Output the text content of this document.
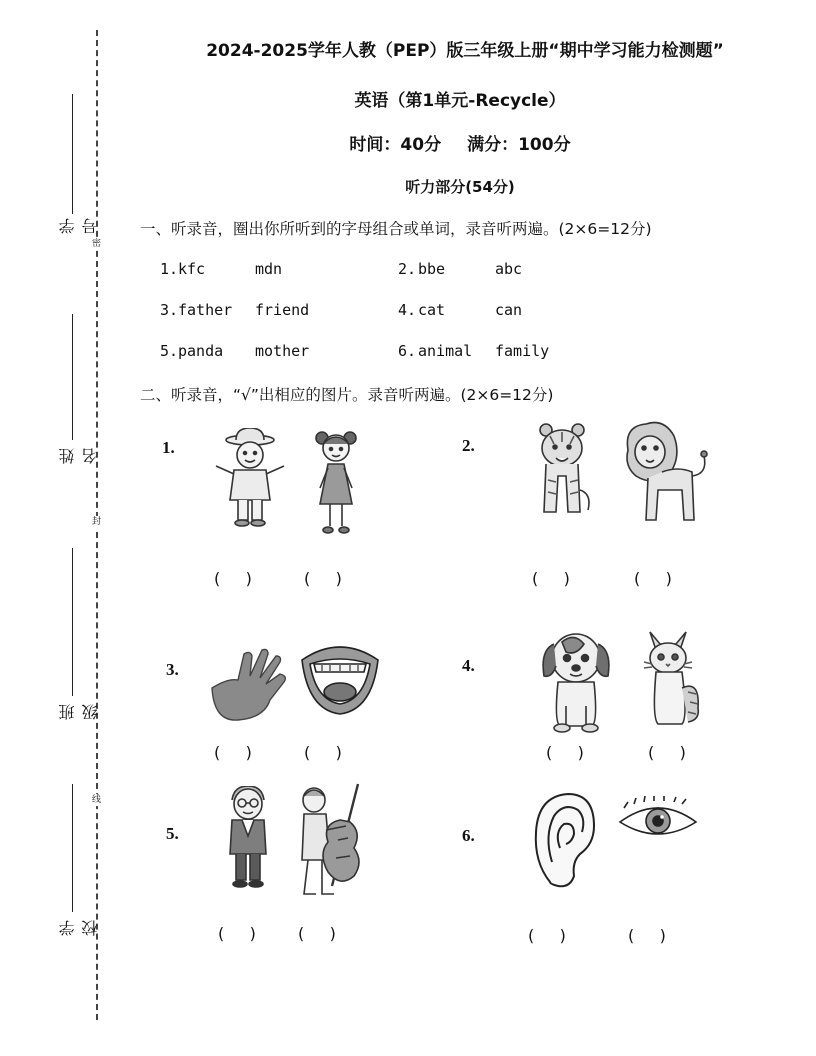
密
封
线
学号
姓名
班级
学校
2024-2025学年人教（PEP）版三年级上册“期中学习能力检测题”
英语（第1单元-Recycle）
时间：40分 满分：100分
听力部分(54分)
一、听录音，圈出你所听到的字母组合或单词，录音听两遍。(2×6=12分)
1. kfc	mdn	2. bbe	abc
3. father friend	4. cat	can
5. panda mother	6. animal family
二、听录音，“√”出相应的图片。录音听两遍。(2×6=12分)
1.
(     )	(     )
2.
(     )	(     )
3.
(     )	(     )
4.
(     )	(     )
5.
(     )	(     )
6.
(     )	(     )
